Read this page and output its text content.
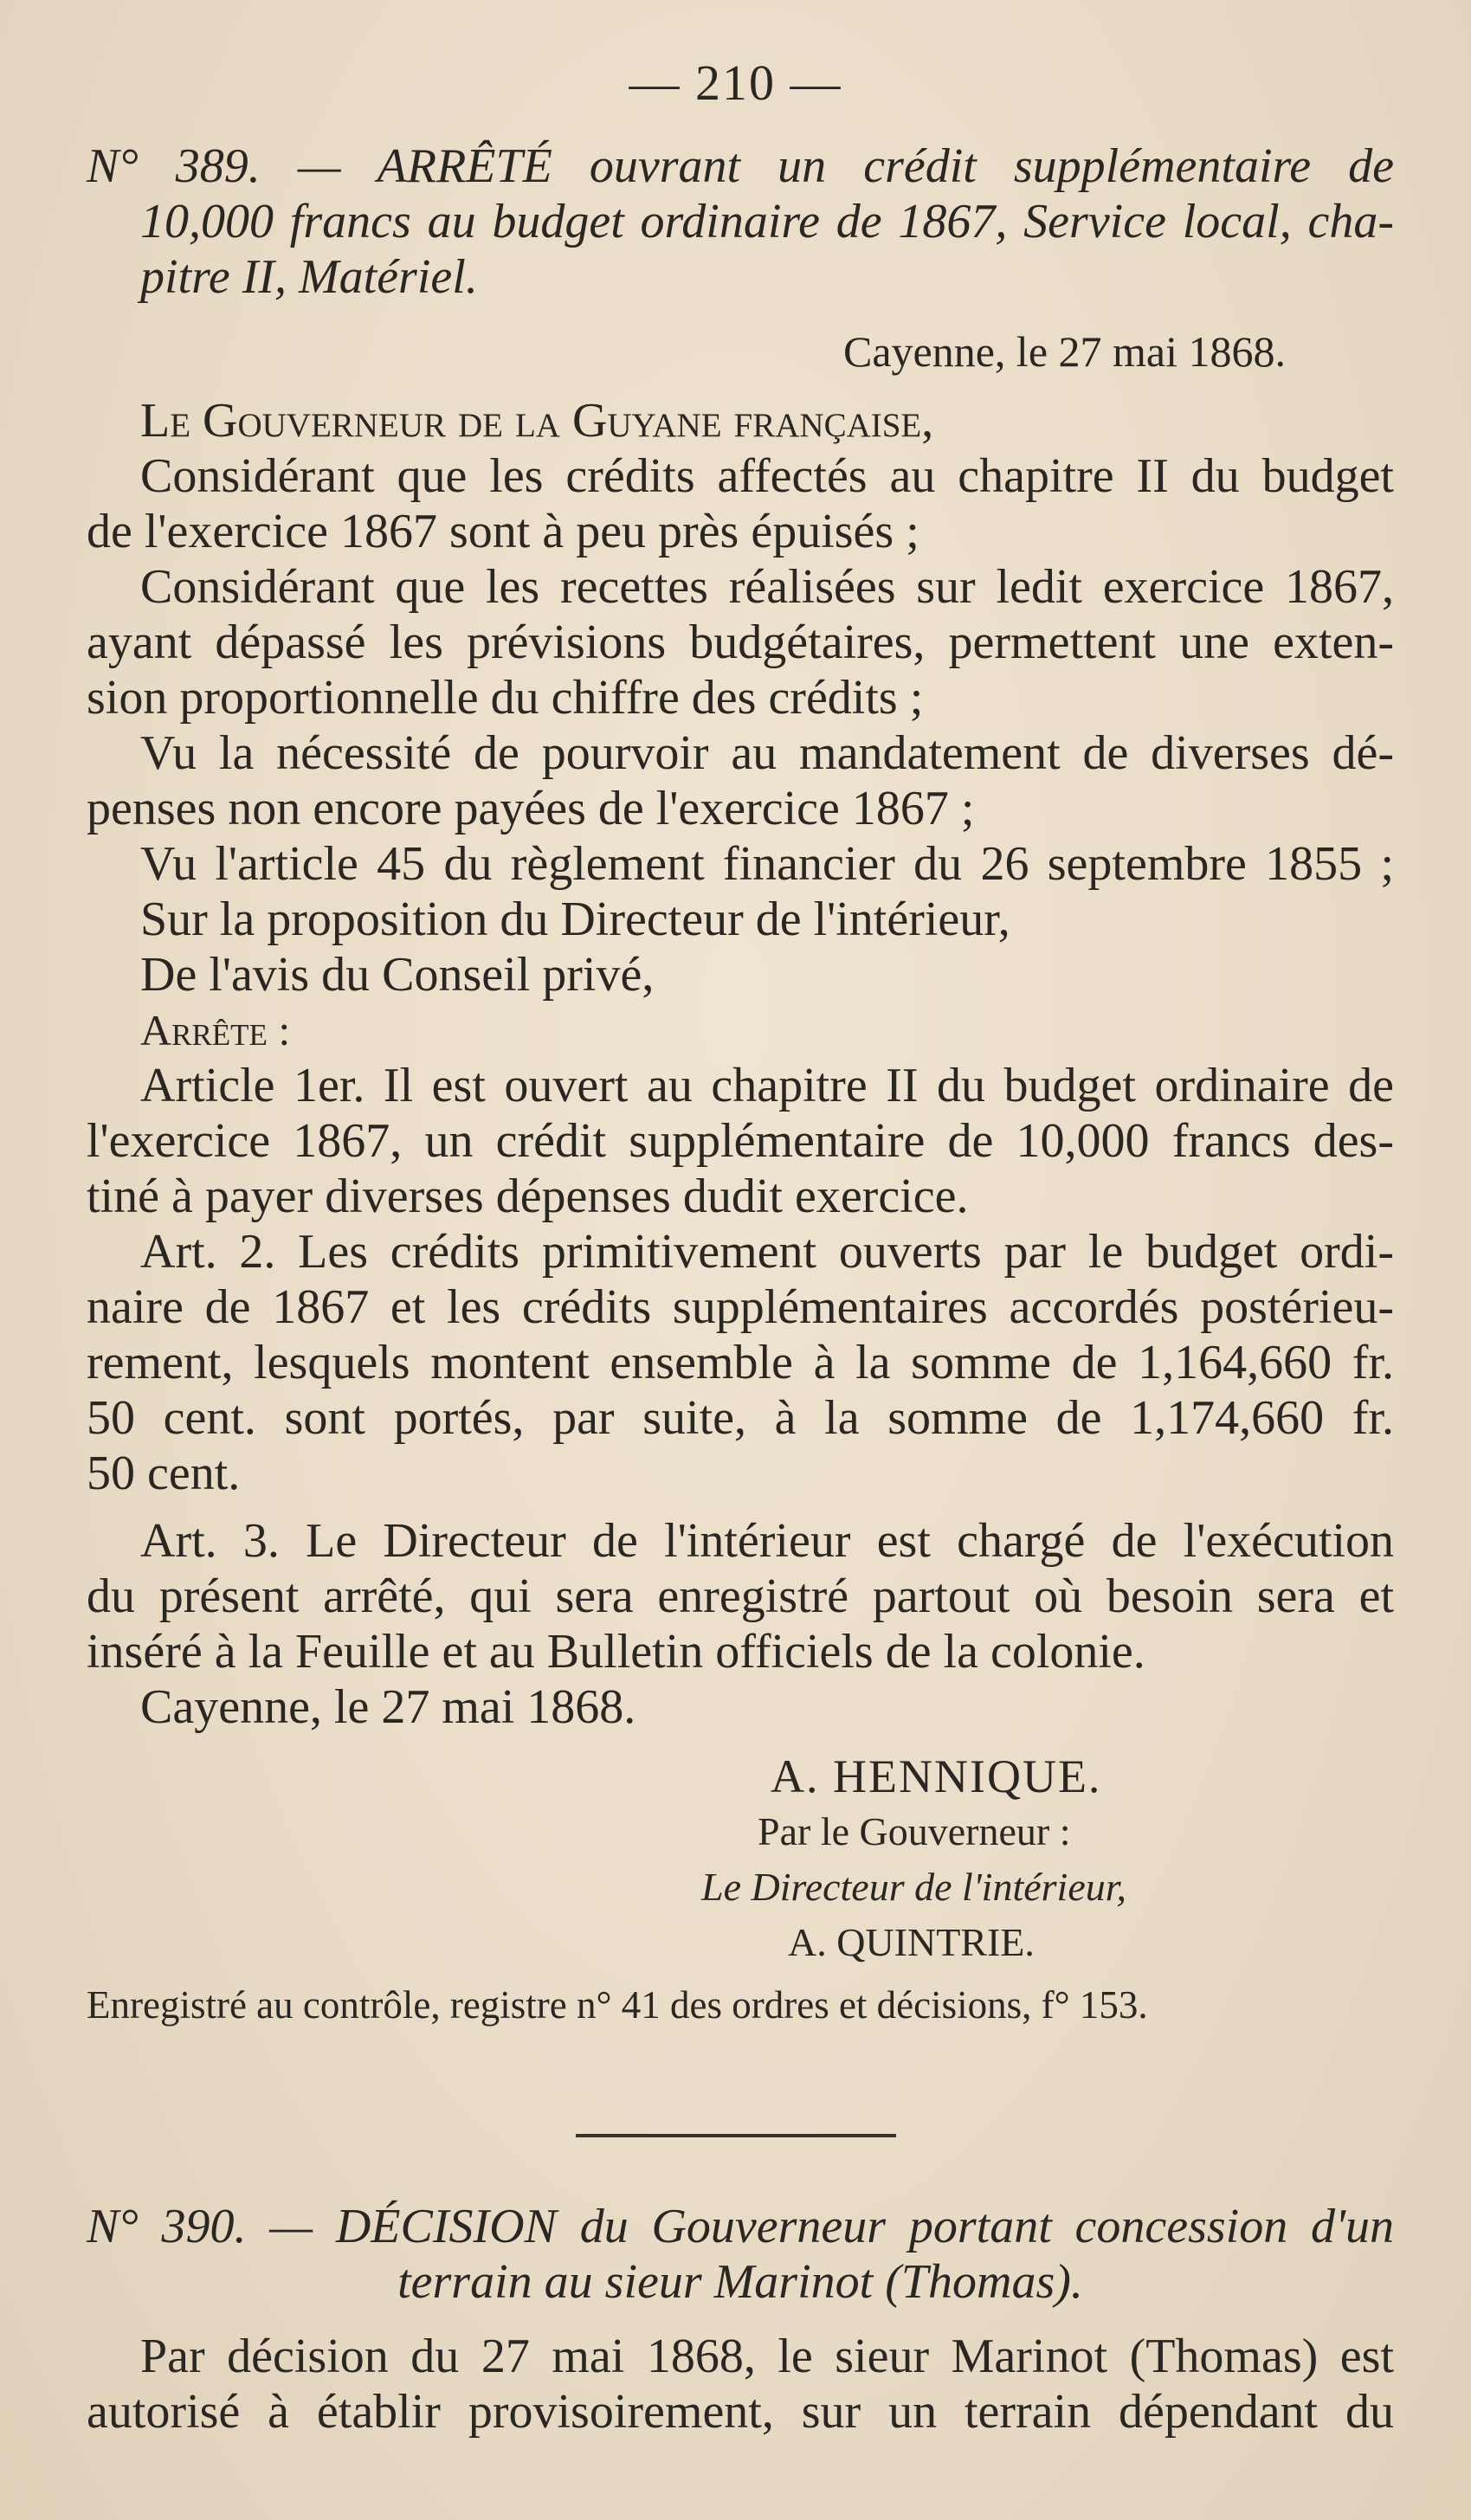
— 210 —
N° 389. — ARRÊTÉ ouvrant un crédit supplémentaire de
10,000 francs au budget ordinaire de 1867, Service local, cha-
pitre II, Matériel.
Cayenne, le 27 mai 1868.
Le Gouverneur de la Guyane française,
Considérant que les crédits affectés au chapitre II du budget
de l'exercice 1867 sont à peu près épuisés ;
Considérant que les recettes réalisées sur ledit exercice 1867,
ayant dépassé les prévisions budgétaires, permettent une exten-
sion proportionnelle du chiffre des crédits ;
Vu la nécessité de pourvoir au mandatement de diverses dé-
penses non encore payées de l'exercice 1867 ;
Vu l'article 45 du règlement financier du 26 septembre 1855 ;
Sur la proposition du Directeur de l'intérieur,
De l'avis du Conseil privé,
Arrête :
Article 1er. Il est ouvert au chapitre II du budget ordinaire de
l'exercice 1867, un crédit supplémentaire de 10,000 francs des-
tiné à payer diverses dépenses dudit exercice.
Art. 2. Les crédits primitivement ouverts par le budget ordi-
naire de 1867 et les crédits supplémentaires accordés postérieu-
rement, lesquels montent ensemble à la somme de 1,164,660 fr.
50 cent. sont portés, par suite, à la somme de 1,174,660 fr.
50 cent.
Art. 3. Le Directeur de l'intérieur est chargé de l'exécution
du présent arrêté, qui sera enregistré partout où besoin sera et
inséré à la Feuille et au Bulletin officiels de la colonie.
Cayenne, le 27 mai 1868.
A. HENNIQUE.
Par le Gouverneur :
Le Directeur de l'intérieur,
A. QUINTRIE.
Enregistré au contrôle, registre n° 41 des ordres et décisions, f° 153.
N° 390. — DÉCISION du Gouverneur portant concession d'un
terrain au sieur Marinot (Thomas).
Par décision du 27 mai 1868, le sieur Marinot (Thomas) est
autorisé à établir provisoirement, sur un terrain dépendant du
